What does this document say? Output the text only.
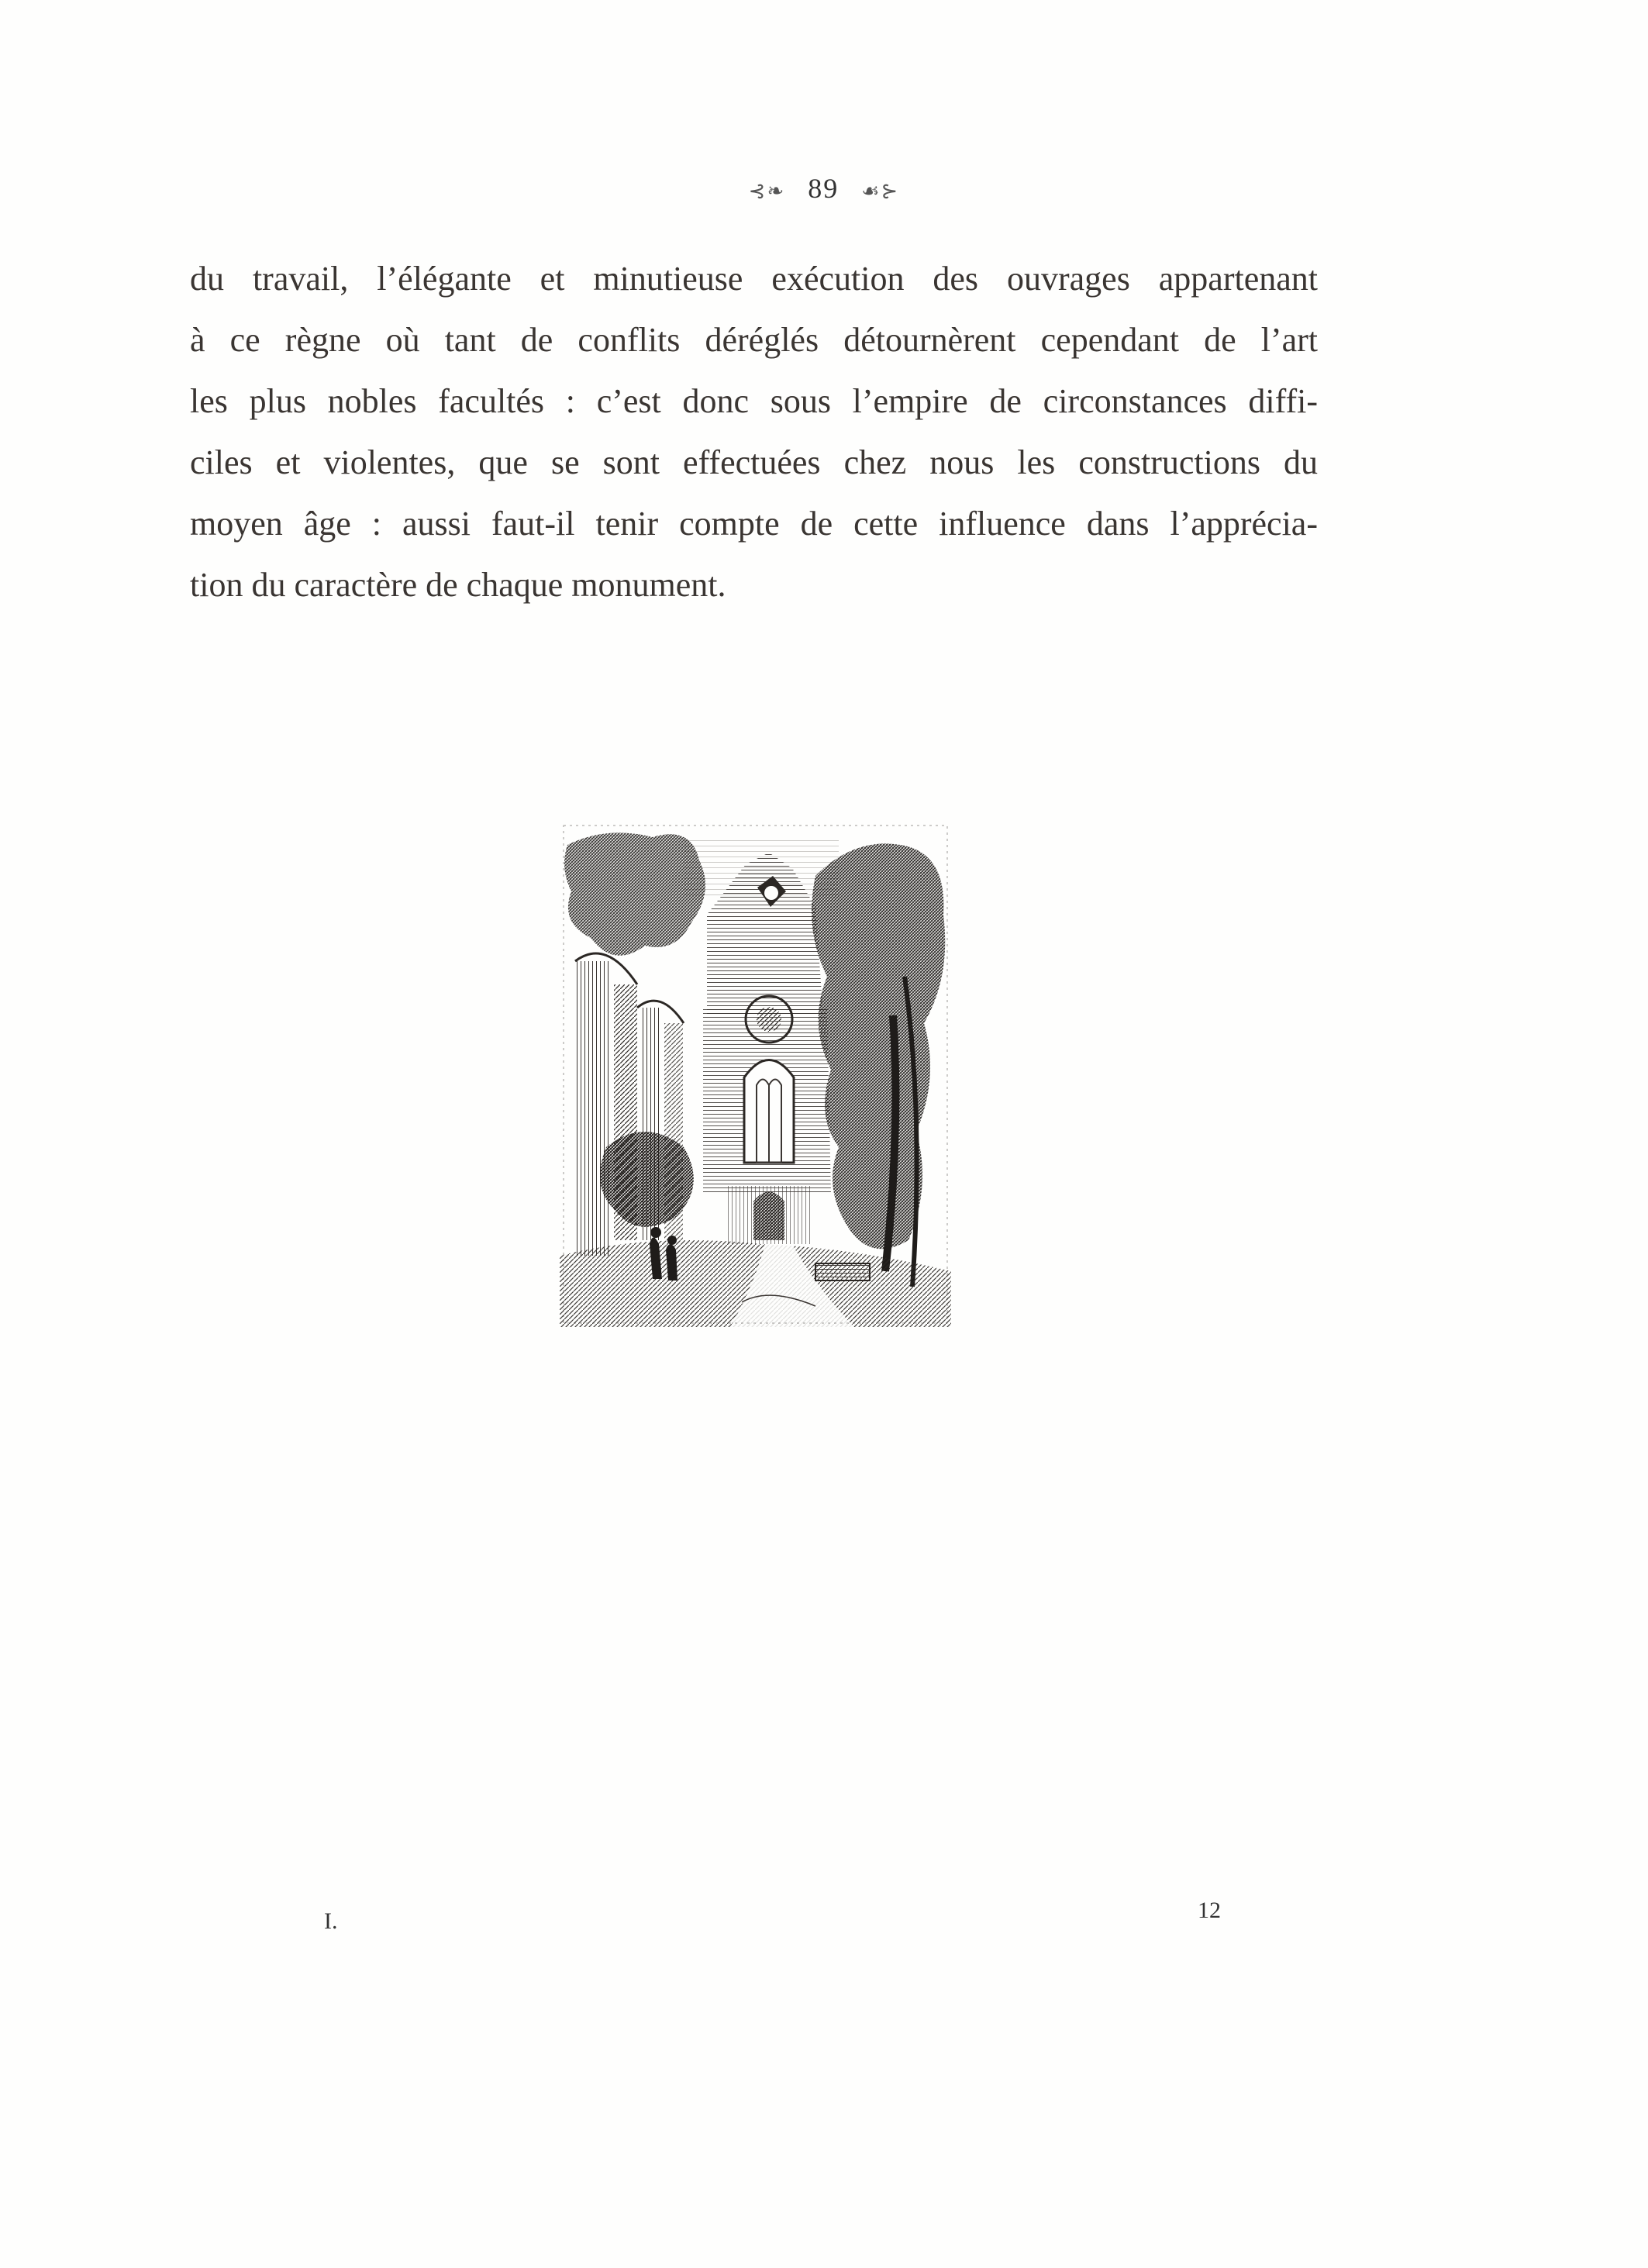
⊰❧ 89 ☙⊱
du travail, l’élégante et minutieuse exécution des ouvrages appartenant
à ce règne où tant de conflits déréglés détournèrent cependant de l’art
les plus nobles facultés : c’est donc sous l’empire de circonstances diffi-
ciles et violentes, que se sont effectuées chez nous les constructions du
moyen âge : aussi faut-il tenir compte de cette influence dans l’apprécia-
tion du caractère de chaque monument.
I.	12
